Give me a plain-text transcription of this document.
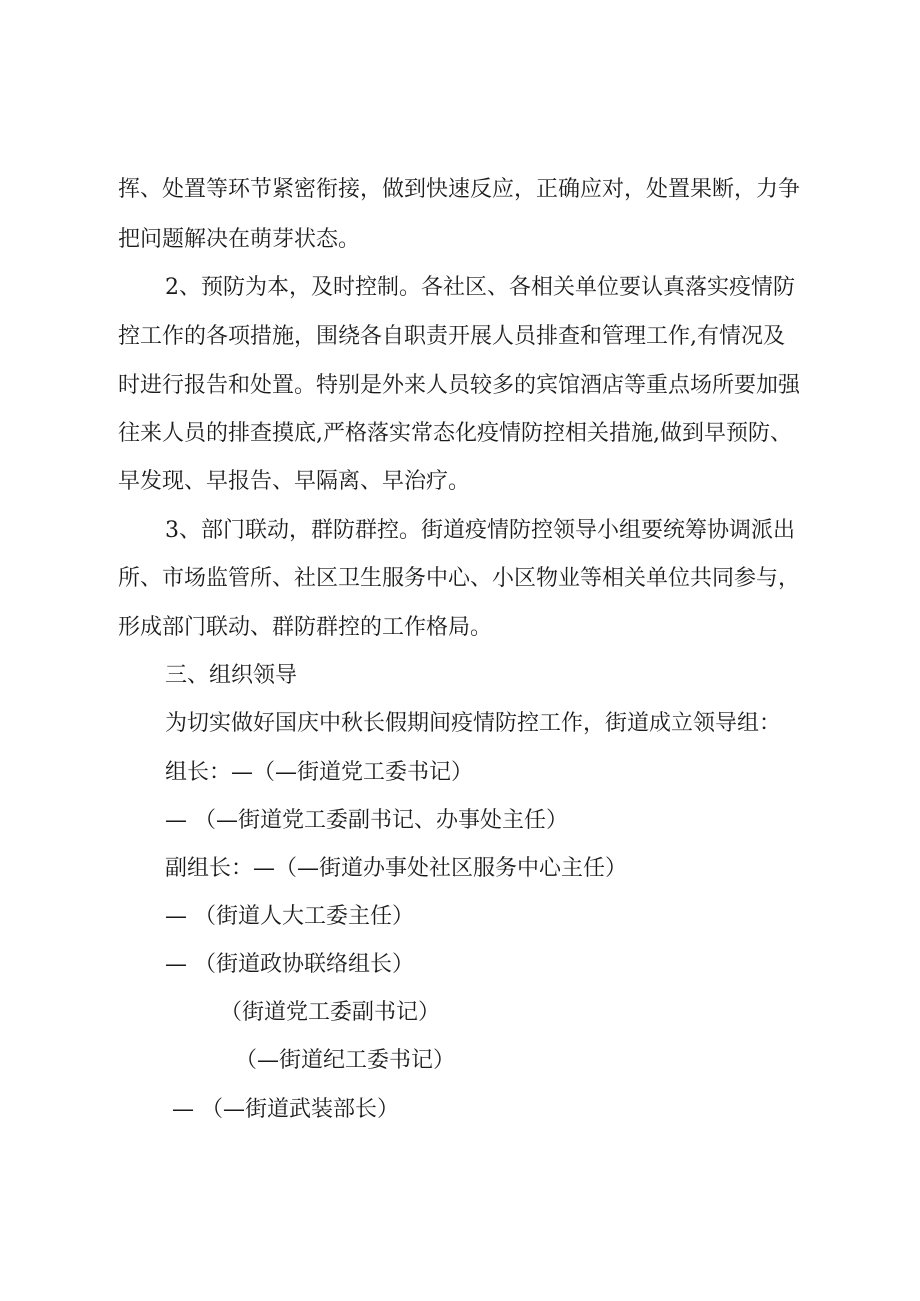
挥、处置等环节紧密衔接，做到快速反应，正确应对，处置果断，力争
把问题解决在萌芽状态。
2、预防为本，及时控制。各社区、各相关单位要认真落实疫情防
控工作的各项措施，围绕各自职责开展人员排查和管理工作,有情况及
时进行报告和处置。特别是外来人员较多的宾馆酒店等重点场所要加强
往来人员的排查摸底,严格落实常态化疫情防控相关措施,做到早预防、
早发现、早报告、早隔离、早治疗。
3、部门联动，群防群控。街道疫情防控领导小组要统筹协调派出
所、市场监管所、社区卫生服务中心、小区物业等相关单位共同参与，
形成部门联动、群防群控的工作格局。
三、组织领导
为切实做好国庆中秋长假期间疫情防控工作，街道成立领导组：
组长：—（—街道党工委书记）
— （—街道党工委副书记、办事处主任）
副组长：—（—街道办事处社区服务中心主任）
— （街道人大工委主任）
— （街道政协联络组长）
（街道党工委副书记）
（—街道纪工委书记）
— （—街道武装部长）
